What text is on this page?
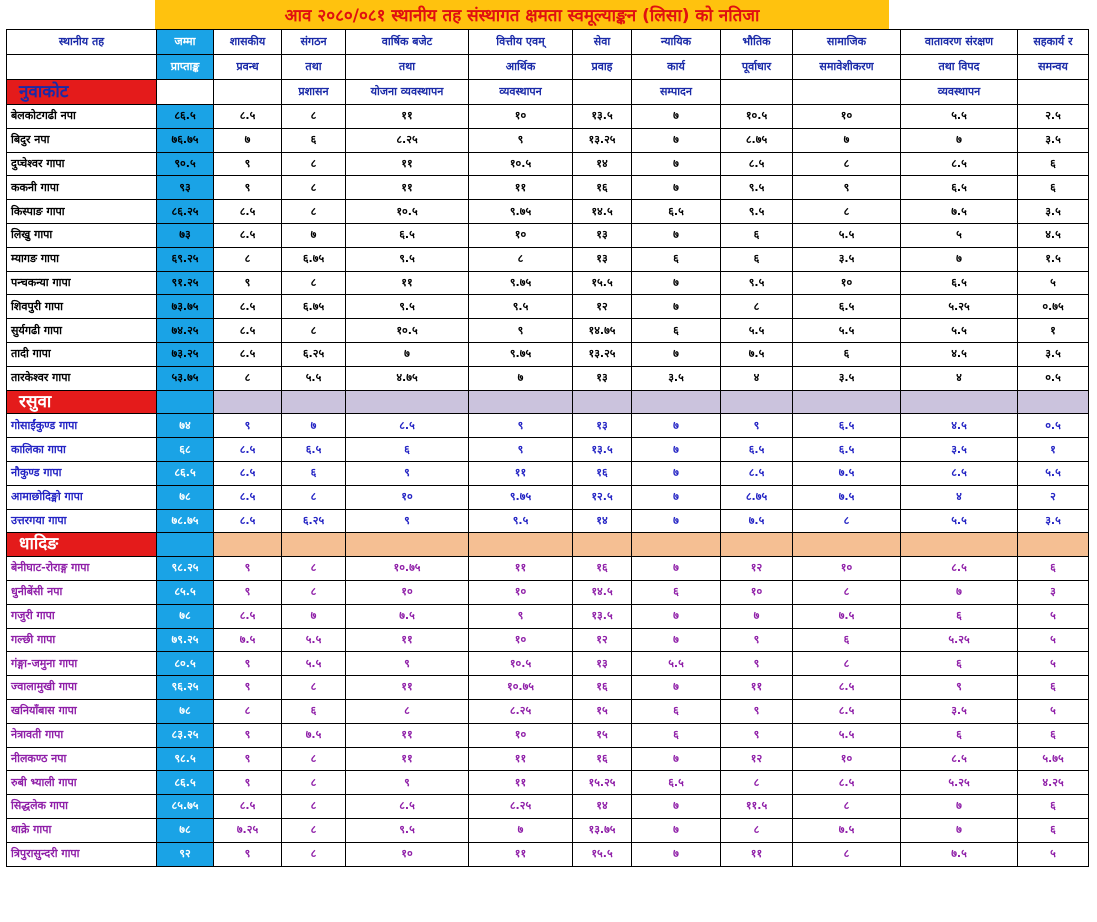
आव २०८०/०८१ स्थानीय तह संस्थागत क्षमता स्वमूल्याङ्कन (लिसा) को नतिजा
स्थानीय तह	जम्मा	शासकीय	संगठन	वार्षिक बजेट	वित्तीय एवम्	सेवा	न्यायिक	भौतिक	सामाजिक	वातावरण संरक्षण	सहकार्य र
	प्राप्ताङ्क	प्रवन्ध	तथा	तथा	आर्थिक	प्रवाह	कार्य	पूर्वाधार	समावेशीकरण	तथा विपद	समन्वय
नुवाकोट			प्रशासन	योजना व्यवस्थापन	व्यवस्थापन		सम्पादन			व्यवस्थापन	
बेलकोटगढी नपा	८६.५	८.५	८	११	१०	१३.५	७	१०.५	१०	५.५	२.५
बिदुर नपा	७६.७५	७	६	८.२५	९	१३.२५	७	८.७५	७	७	३.५
दुप्चेश्वर गापा	९०.५	९	८	११	१०.५	१४	७	८.५	८	८.५	६
ककनी गापा	९३	९	८	११	११	१६	७	९.५	९	६.५	६
किस्पाङ गापा	८६.२५	८.५	८	१०.५	९.७५	१४.५	६.५	९.५	८	७.५	३.५
लिखु गापा	७३	८.५	७	६.५	१०	१३	७	६	५.५	५	४.५
म्यागङ गापा	६९.२५	८	६.७५	९.५	८	१३	६	६	३.५	७	१.५
पन्चकन्या गापा	९१.२५	९	८	११	९.७५	१५.५	७	९.५	१०	६.५	५
शिवपुरी गापा	७३.७५	८.५	६.७५	९.५	९.५	१२	७	८	६.५	५.२५	०.७५
सुर्यगढी गापा	७४.२५	८.५	८	१०.५	९	१४.७५	६	५.५	५.५	५.५	१
तादी गापा	७३.२५	८.५	६.२५	७	९.७५	१३.२५	७	७.५	६	४.५	३.५
तारकेश्वर गापा	५३.७५	८	५.५	४.७५	७	१३	३.५	४	३.५	४	०.५
रसुवा											
गोसाईंकुण्ड गापा	७४	९	७	८.५	९	१३	७	९	६.५	४.५	०.५
कालिका गापा	६८	८.५	६.५	६	९	१३.५	७	६.५	६.५	३.५	१
नौकुण्ड गापा	८६.५	८.५	६	९	११	१६	७	८.५	७.५	८.५	५.५
आमाछोदिङ्मो गापा	७८	८.५	८	१०	९.७५	१२.५	७	८.७५	७.५	४	२
उत्तरगया गापा	७८.७५	८.५	६.२५	९	९.५	१४	७	७.५	८	५.५	३.५
धादिङ											
बेनीघाट-रोराङ्ग गापा	९८.२५	९	८	१०.७५	११	१६	७	१२	१०	८.५	६
धुनीबेंसी नपा	८५.५	९	८	१०	१०	१४.५	६	१०	८	७	३
गजुरी गापा	७८	८.५	७	७.५	९	१३.५	७	७	७.५	६	५
गल्छी गापा	७९.२५	७.५	५.५	११	१०	१२	७	९	६	५.२५	५
गंङ्गा-जमुना गापा	८०.५	९	५.५	९	१०.५	१३	५.५	९	८	६	५
ज्वालामुखी गापा	९६.२५	९	८	११	१०.७५	१६	७	११	८.५	९	६
खनियाँबास गापा	७८	८	६	८	८.२५	१५	६	९	८.५	३.५	५
नेत्रावती गापा	८३.२५	९	७.५	११	१०	१५	६	९	५.५	६	६
नीलकण्ठ नपा	९८.५	९	८	११	११	१६	७	१२	१०	८.५	५.७५
रुबी भ्याली गापा	८६.५	९	८	९	११	१५.२५	६.५	८	८.५	५.२५	४.२५
सिद्धलेक गापा	८५.७५	८.५	८	८.५	८.२५	१४	७	११.५	८	७	६
थाक्रे गापा	७८	७.२५	८	९.५	७	१३.७५	७	८	७.५	७	६
त्रिपुरासुन्दरी गापा	९२	९	८	१०	११	१५.५	७	११	८	७.५	५
